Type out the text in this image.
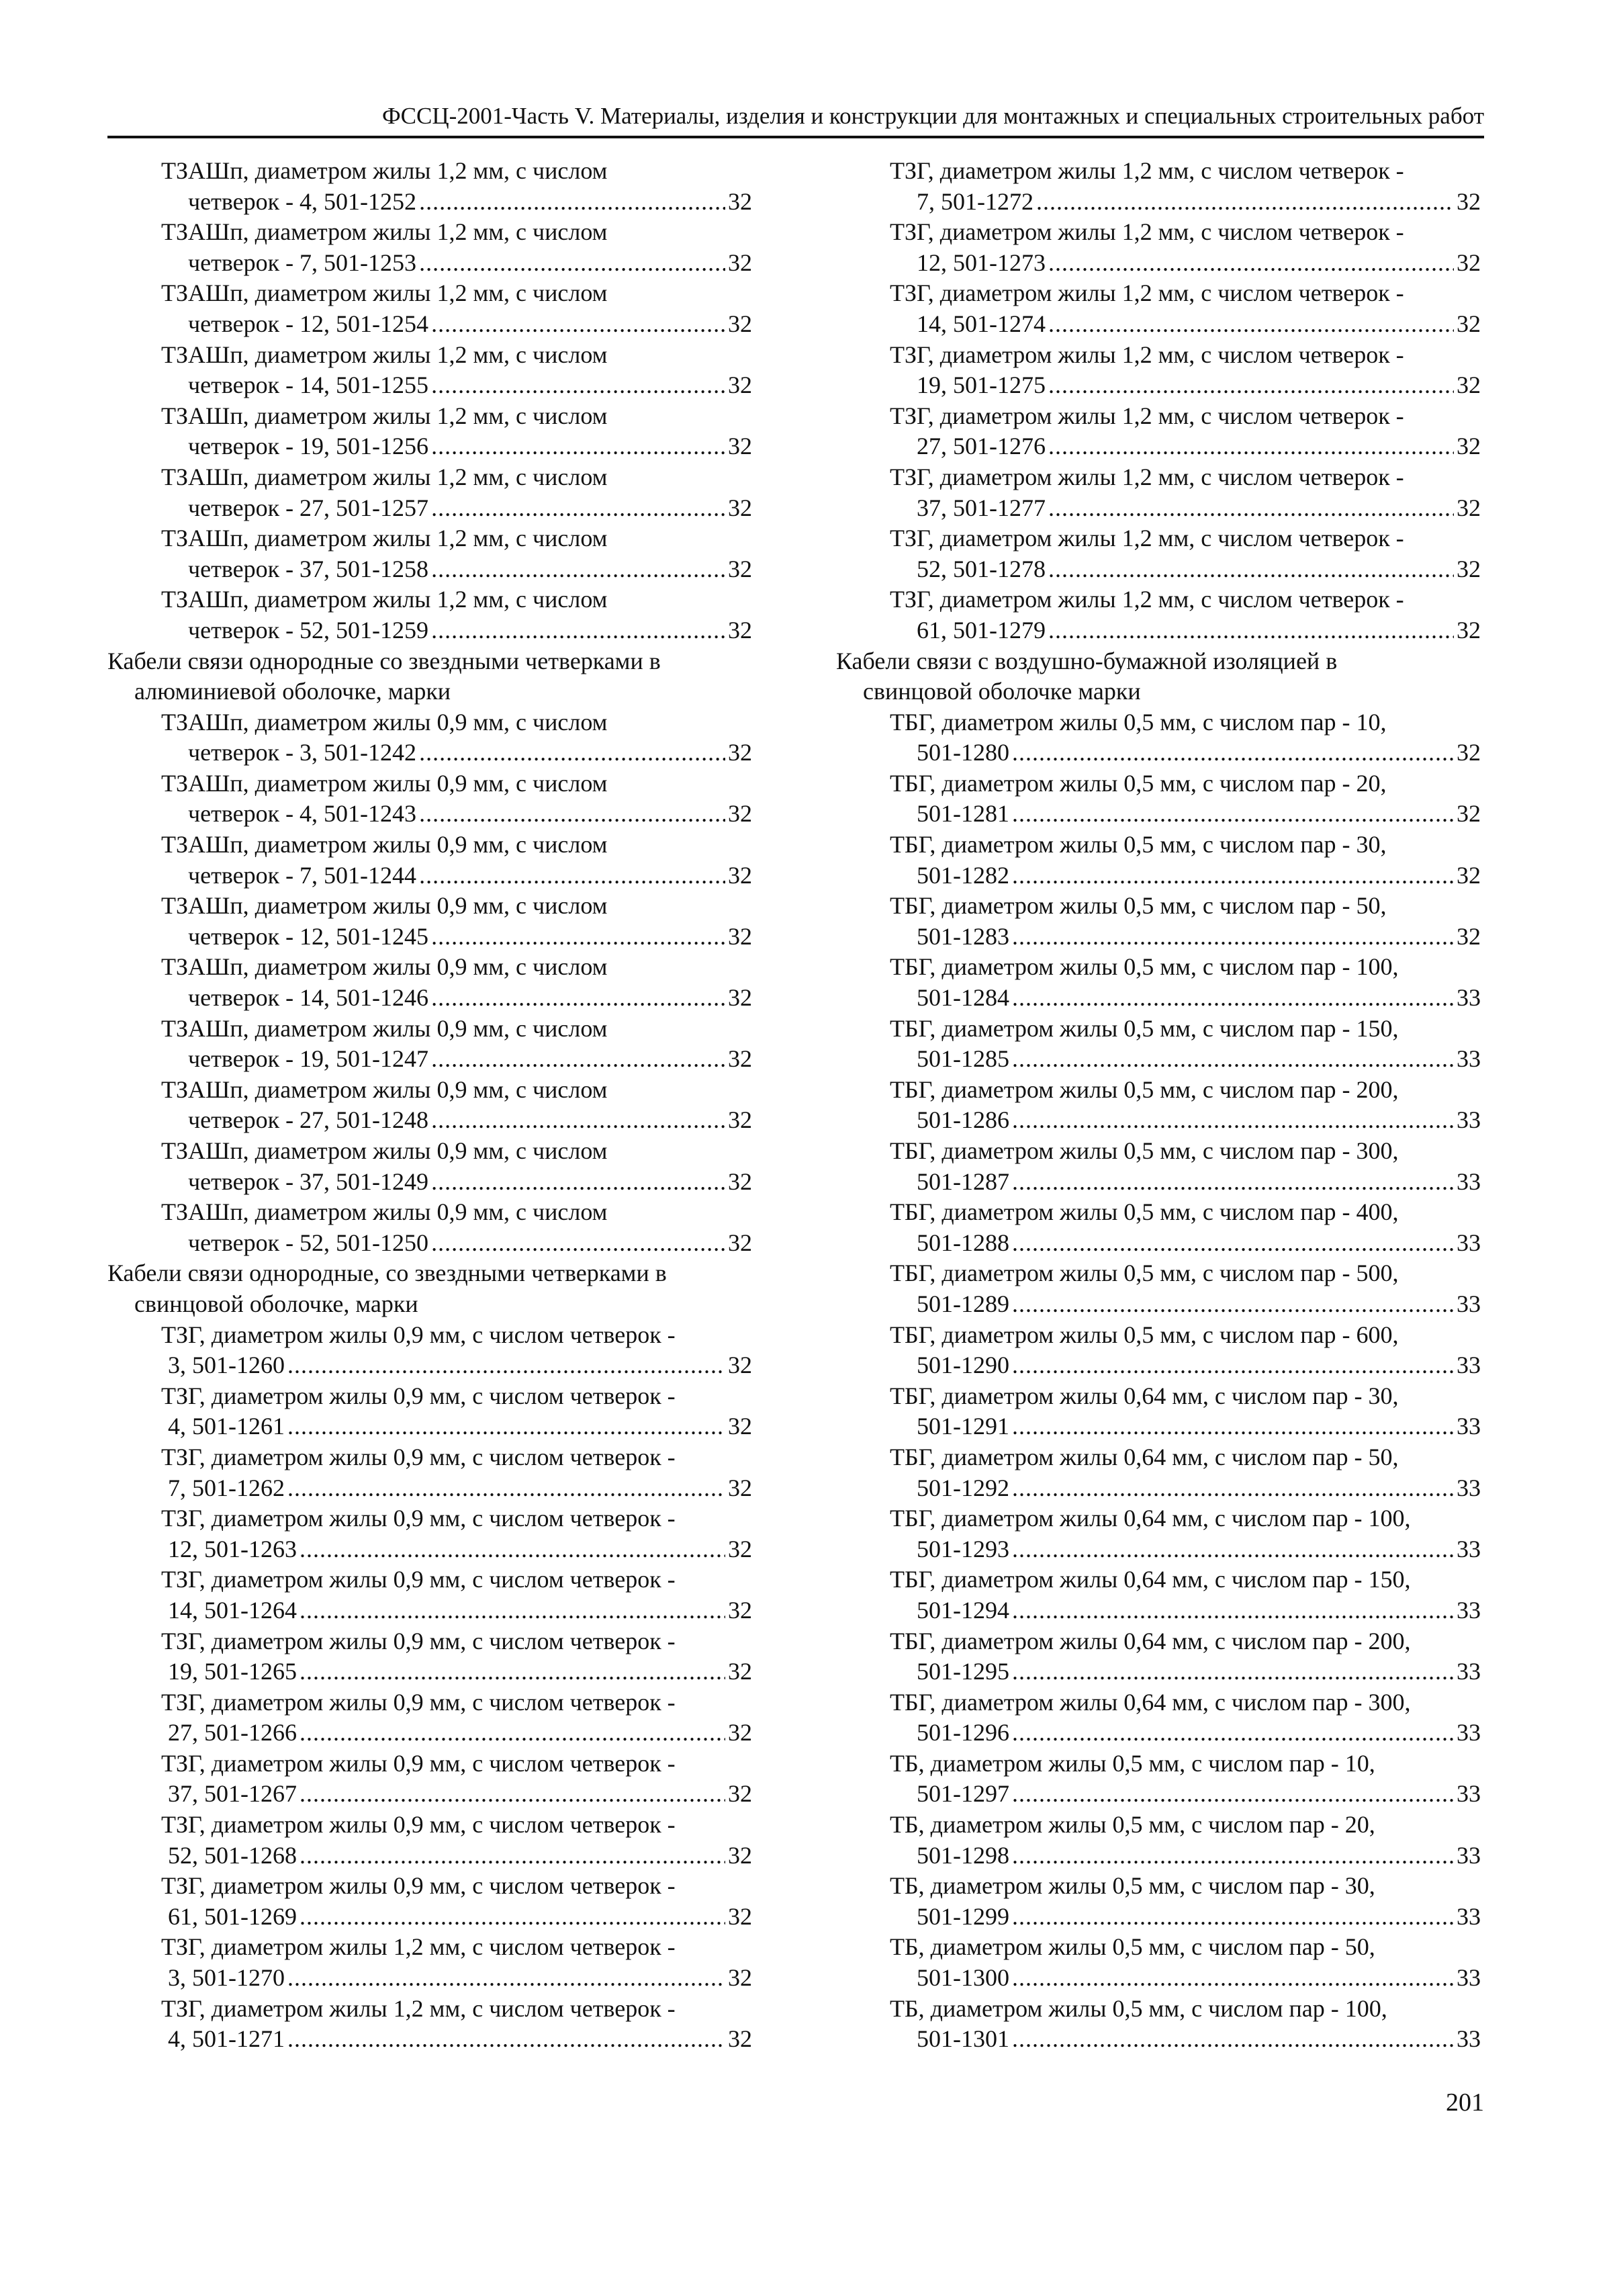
ФССЦ-2001-Часть V. Материалы, изделия и конструкции для монтажных и специальных строительных работ
ТЗАШп, диаметром жилы 1,2 мм, с числом
четверок - 4, 501-1252 .....	32
ТЗАШп, диаметром жилы 1,2 мм, с числом
четверок - 7, 501-1253 .....	32
ТЗАШп, диаметром жилы 1,2 мм, с числом
четверок - 12, 501-1254 .....	32
ТЗАШп, диаметром жилы 1,2 мм, с числом
четверок - 14, 501-1255 .....	32
ТЗАШп, диаметром жилы 1,2 мм, с числом
четверок - 19, 501-1256 .....	32
ТЗАШп, диаметром жилы 1,2 мм, с числом
четверок - 27, 501-1257 .....	32
ТЗАШп, диаметром жилы 1,2 мм, с числом
четверок - 37, 501-1258 .....	32
ТЗАШп, диаметром жилы 1,2 мм, с числом
четверок - 52, 501-1259 .....	32
Кабели связи однородные со звездными четверками в
алюминиевой оболочке, марки
ТЗАШп, диаметром жилы 0,9 мм, с числом
четверок - 3, 501-1242 .....	32
ТЗАШп, диаметром жилы 0,9 мм, с числом
четверок - 4, 501-1243 .....	32
ТЗАШп, диаметром жилы 0,9 мм, с числом
четверок - 7, 501-1244 .....	32
ТЗАШп, диаметром жилы 0,9 мм, с числом
четверок - 12, 501-1245 .....	32
ТЗАШп, диаметром жилы 0,9 мм, с числом
четверок - 14, 501-1246 .....	32
ТЗАШп, диаметром жилы 0,9 мм, с числом
четверок - 19, 501-1247 .....	32
ТЗАШп, диаметром жилы 0,9 мм, с числом
четверок - 27, 501-1248 .....	32
ТЗАШп, диаметром жилы 0,9 мм, с числом
четверок - 37, 501-1249 .....	32
ТЗАШп, диаметром жилы 0,9 мм, с числом
четверок - 52, 501-1250 .....	32
Кабели связи однородные, со звездными четверками в
свинцовой оболочке, марки
ТЗГ, диаметром жилы 0,9 мм, с числом четверок -
3, 501-1260 .....	32
ТЗГ, диаметром жилы 0,9 мм, с числом четверок -
4, 501-1261 .....	32
ТЗГ, диаметром жилы 0,9 мм, с числом четверок -
7, 501-1262 .....	32
ТЗГ, диаметром жилы 0,9 мм, с числом четверок -
12, 501-1263 .....	32
ТЗГ, диаметром жилы 0,9 мм, с числом четверок -
14, 501-1264 .....	32
ТЗГ, диаметром жилы 0,9 мм, с числом четверок -
19, 501-1265 .....	32
ТЗГ, диаметром жилы 0,9 мм, с числом четверок -
27, 501-1266 .....	32
ТЗГ, диаметром жилы 0,9 мм, с числом четверок -
37, 501-1267 .....	32
ТЗГ, диаметром жилы 0,9 мм, с числом четверок -
52, 501-1268 .....	32
ТЗГ, диаметром жилы 0,9 мм, с числом четверок -
61, 501-1269 .....	32
ТЗГ, диаметром жилы 1,2 мм, с числом четверок -
3, 501-1270 .....	32
ТЗГ, диаметром жилы 1,2 мм, с числом четверок -
4, 501-1271 .....	32
ТЗГ, диаметром жилы 1,2 мм, с числом четверок -
7, 501-1272 .....	32
ТЗГ, диаметром жилы 1,2 мм, с числом четверок -
12, 501-1273 .....	32
ТЗГ, диаметром жилы 1,2 мм, с числом четверок -
14, 501-1274 .....	32
ТЗГ, диаметром жилы 1,2 мм, с числом четверок -
19, 501-1275 .....	32
ТЗГ, диаметром жилы 1,2 мм, с числом четверок -
27, 501-1276 .....	32
ТЗГ, диаметром жилы 1,2 мм, с числом четверок -
37, 501-1277 .....	32
ТЗГ, диаметром жилы 1,2 мм, с числом четверок -
52, 501-1278 .....	32
ТЗГ, диаметром жилы 1,2 мм, с числом четверок -
61, 501-1279 .....	32
Кабели связи с воздушно-бумажной изоляцией в
свинцовой оболочке марки
ТБГ, диаметром жилы 0,5 мм, с числом пар - 10,
501-1280 .....	32
ТБГ, диаметром жилы 0,5 мм, с числом пар - 20,
501-1281 .....	32
ТБГ, диаметром жилы 0,5 мм, с числом пар - 30,
501-1282 .....	32
ТБГ, диаметром жилы 0,5 мм, с числом пар - 50,
501-1283 .....	32
ТБГ, диаметром жилы 0,5 мм, с числом пар - 100,
501-1284 .....	33
ТБГ, диаметром жилы 0,5 мм, с числом пар - 150,
501-1285 .....	33
ТБГ, диаметром жилы 0,5 мм, с числом пар - 200,
501-1286 .....	33
ТБГ, диаметром жилы 0,5 мм, с числом пар - 300,
501-1287 .....	33
ТБГ, диаметром жилы 0,5 мм, с числом пар - 400,
501-1288 .....	33
ТБГ, диаметром жилы 0,5 мм, с числом пар - 500,
501-1289 .....	33
ТБГ, диаметром жилы 0,5 мм, с числом пар - 600,
501-1290 .....	33
ТБГ, диаметром жилы 0,64 мм, с числом пар - 30,
501-1291 .....	33
ТБГ, диаметром жилы 0,64 мм, с числом пар - 50,
501-1292 .....	33
ТБГ, диаметром жилы 0,64 мм, с числом пар - 100,
501-1293 .....	33
ТБГ, диаметром жилы 0,64 мм, с числом пар - 150,
501-1294 .....	33
ТБГ, диаметром жилы 0,64 мм, с числом пар - 200,
501-1295 .....	33
ТБГ, диаметром жилы 0,64 мм, с числом пар - 300,
501-1296 .....	33
ТБ, диаметром жилы 0,5 мм, с числом пар - 10,
501-1297 .....	33
ТБ, диаметром жилы 0,5 мм, с числом пар - 20,
501-1298 .....	33
ТБ, диаметром жилы 0,5 мм, с числом пар - 30,
501-1299 .....	33
ТБ, диаметром жилы 0,5 мм, с числом пар - 50,
501-1300 .....	33
ТБ, диаметром жилы 0,5 мм, с числом пар - 100,
501-1301 .....	33
201
